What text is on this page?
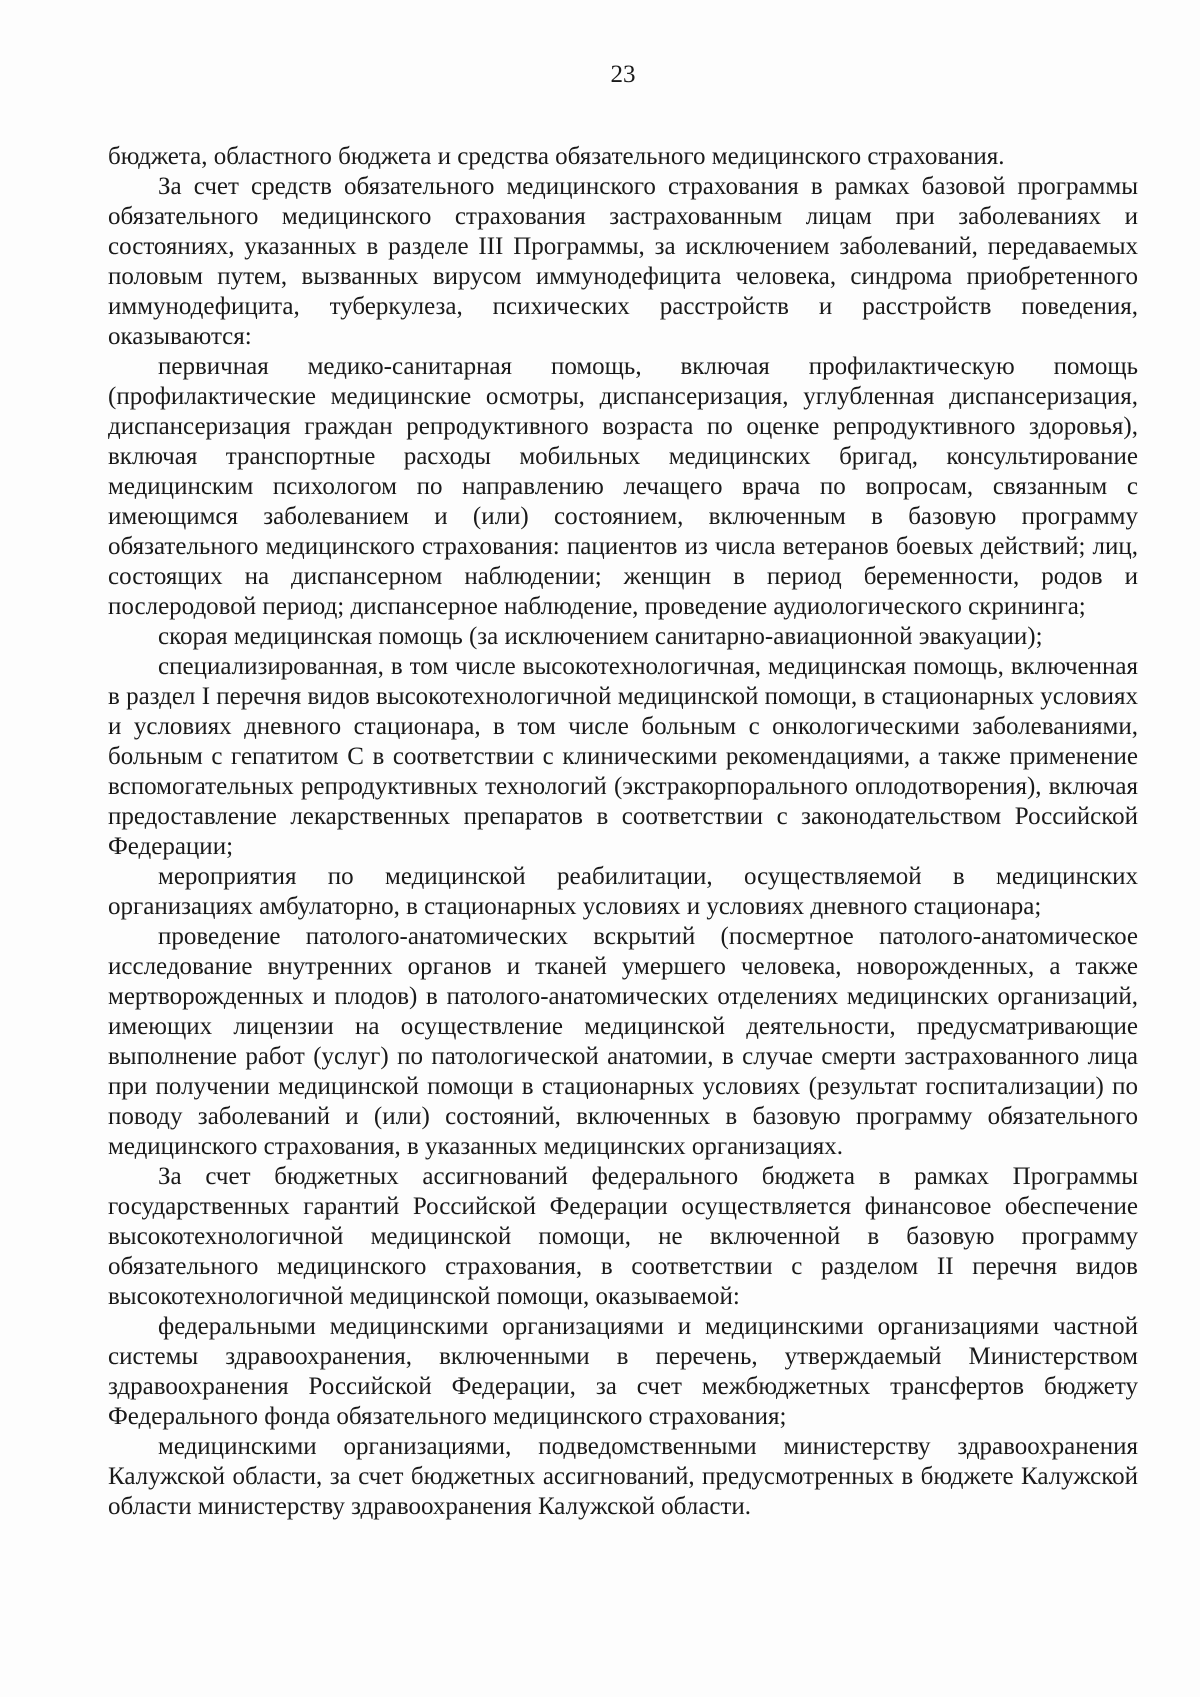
23

бюджета, областного бюджета и средства обязательного медицинского страхования.

За счет средств обязательного медицинского страхования в рамках базовой программы обязательного медицинского страхования застрахованным лицам при заболеваниях и состояниях, указанных в разделе III Программы, за исключением заболеваний, передаваемых половым путем, вызванных вирусом иммунодефицита человека, синдрома приобретенного иммунодефицита, туберкулеза, психических расстройств и расстройств поведения, оказываются:

первичная медико-санитарная помощь, включая профилактическую помощь (профилактические медицинские осмотры, диспансеризация, углубленная диспансеризация, диспансеризация граждан репродуктивного возраста по оценке репродуктивного здоровья), включая транспортные расходы мобильных медицинских бригад, консультирование медицинским психологом по направлению лечащего врача по вопросам, связанным с имеющимся заболеванием и (или) состоянием, включенным в базовую программу обязательного медицинского страхования: пациентов из числа ветеранов боевых действий; лиц, состоящих на диспансерном наблюдении; женщин в период беременности, родов и послеродовой период; диспансерное наблюдение, проведение аудиологического скрининга;

скорая медицинская помощь (за исключением санитарно-авиационной эвакуации);

специализированная, в том числе высокотехнологичная, медицинская помощь, включенная в раздел I перечня видов высокотехнологичной медицинской помощи, в стационарных условиях и условиях дневного стационара, в том числе больным с онкологическими заболеваниями, больным с гепатитом С в соответствии с клиническими рекомендациями, а также применение вспомогательных репродуктивных технологий (экстракорпорального оплодотворения), включая предоставление лекарственных препаратов в соответствии с законодательством Российской Федерации;

мероприятия по медицинской реабилитации, осуществляемой в медицинских организациях амбулаторно, в стационарных условиях и условиях дневного стационара;

проведение патолого-анатомических вскрытий (посмертное патолого-анатомическое исследование внутренних органов и тканей умершего человека, новорожденных, а также мертворожденных и плодов) в патолого-анатомических отделениях медицинских организаций, имеющих лицензии на осуществление медицинской деятельности, предусматривающие выполнение работ (услуг) по патологической анатомии, в случае смерти застрахованного лица при получении медицинской помощи в стационарных условиях (результат госпитализации) по поводу заболеваний и (или) состояний, включенных в базовую программу обязательного медицинского страхования, в указанных медицинских организациях.

За счет бюджетных ассигнований федерального бюджета в рамках Программы государственных гарантий Российской Федерации осуществляется финансовое обеспечение высокотехнологичной медицинской помощи, не включенной в базовую программу обязательного медицинского страхования, в соответствии с разделом II перечня видов высокотехнологичной медицинской помощи, оказываемой:

федеральными медицинскими организациями и медицинскими организациями частной системы здравоохранения, включенными в перечень, утверждаемый Министерством здравоохранения Российской Федерации, за счет межбюджетных трансфертов бюджету Федерального фонда обязательного медицинского страхования;

медицинскими организациями, подведомственными министерству здравоохранения Калужской области, за счет бюджетных ассигнований, предусмотренных в бюджете Калужской области министерству здравоохранения Калужской области.
